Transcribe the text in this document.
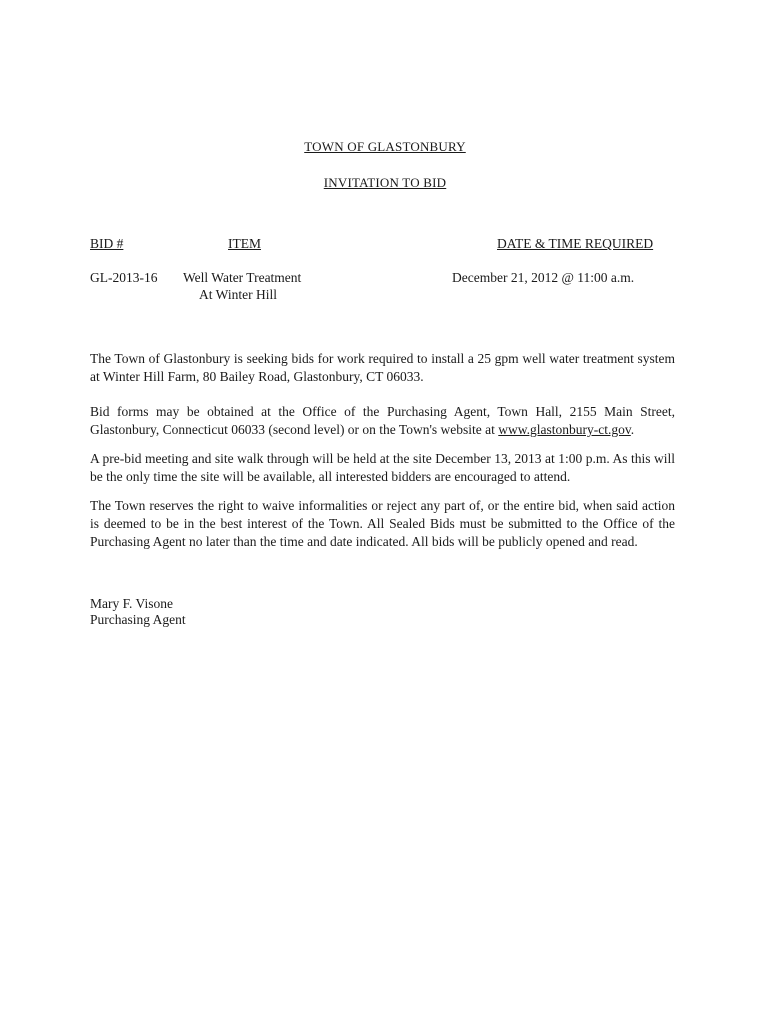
TOWN OF GLASTONBURY
INVITATION TO BID
BID #	ITEM	DATE & TIME REQUIRED
GL-2013-16 Well Water Treatment
At Winter Hill
December 21, 2012 @ 11:00 a.m.
The Town of Glastonbury is seeking bids for work required to install a 25 gpm well water treatment system at Winter Hill Farm, 80 Bailey Road, Glastonbury, CT 06033.
Bid forms may be obtained at the Office of the Purchasing Agent, Town Hall, 2155 Main Street, Glastonbury, Connecticut 06033 (second level) or on the Town's website at www.glastonbury-ct.gov.
A pre-bid meeting and site walk through will be held at the site December 13, 2013 at 1:00 p.m. As this will be the only time the site will be available, all interested bidders are encouraged to attend.
The Town reserves the right to waive informalities or reject any part of, or the entire bid, when said action is deemed to be in the best interest of the Town. All Sealed Bids must be submitted to the Office of the Purchasing Agent no later than the time and date indicated. All bids will be publicly opened and read.
Mary F. Visone
Purchasing Agent
